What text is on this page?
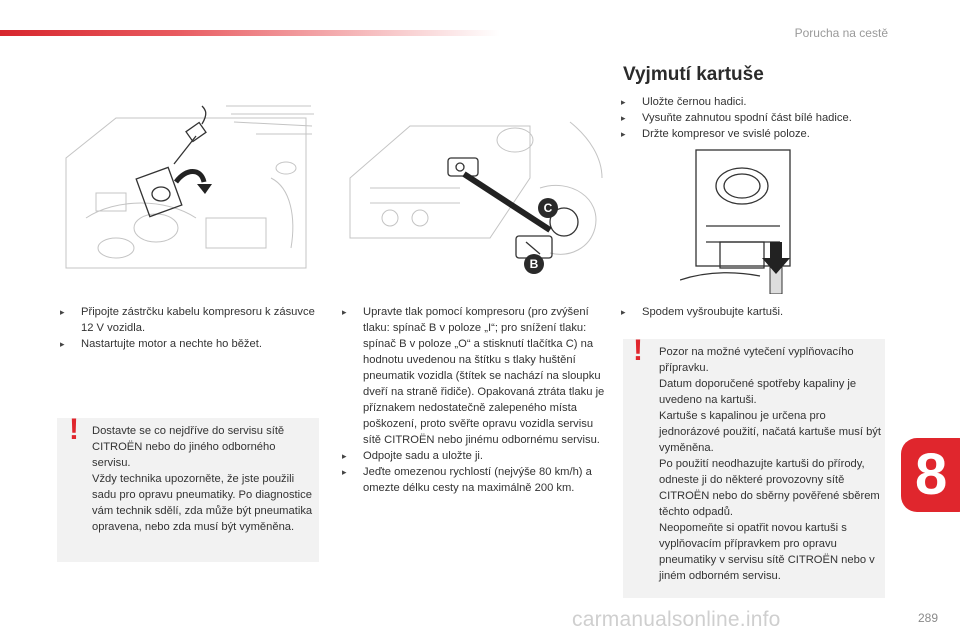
Porucha na cestě
C
B
Vyjmutí kartuše
▸ Uložte černou hadici.
▸ Vysuňte zahnutou spodní část bílé hadice.
▸ Držte kompresor ve svislé poloze.
▸ Připojte zástrčku kabelu kompresoru k zásuvce 12 V vozidla.
▸ Nastartujte motor a nechte ho běžet.
▸ Upravte tlak pomocí kompresoru (pro zvýšení tlaku: spínač B v poloze „I“; pro snížení tlaku: spínač B v poloze „O“ a stisknutí tlačítka C) na hodnotu uvedenou na štítku s tlaky huštění pneumatik vozidla (štítek se nachází na sloupku dveří na straně řidiče). Opakovaná ztráta tlaku je příznakem nedostatečně zalepeného místa poškození, proto svěřte opravu vozidla servisu sítě CITROËN nebo jinému odbornému servisu.
▸ Odpojte sadu a uložte ji.
▸ Jeďte omezenou rychlostí (nejvýše 80 km/h) a omezte délku cesty na maximálně 200 km.
▸ Spodem vyšroubujte kartuši.
! Dostavte se co nejdříve do servisu sítě CITROËN nebo do jiného odborného servisu.
Vždy technika upozorněte, že jste použili sadu pro opravu pneumatiky. Po diagnostice vám technik sdělí, zda může být pneumatika opravena, nebo zda musí být vyměněna.
! Pozor na možné vytečení vyplňovacího přípravku.
Datum doporučené spotřeby kapaliny je uvedeno na kartuši.
Kartuše s kapalinou je určena pro jednorázové použití, načatá kartuše musí být vyměněna.
Po použití neodhazujte kartuši do přírody, odneste ji do některé provozovny sítě CITROËN nebo do sběrny pověřené sběrem těchto odpadů.
Neopomeňte si opatřit novou kartuši s vyplňovacím přípravkem pro opravu pneumatiky v servisu sítě CITROËN nebo v jiném odborném servisu.
8
289
carmanualsonline.info
